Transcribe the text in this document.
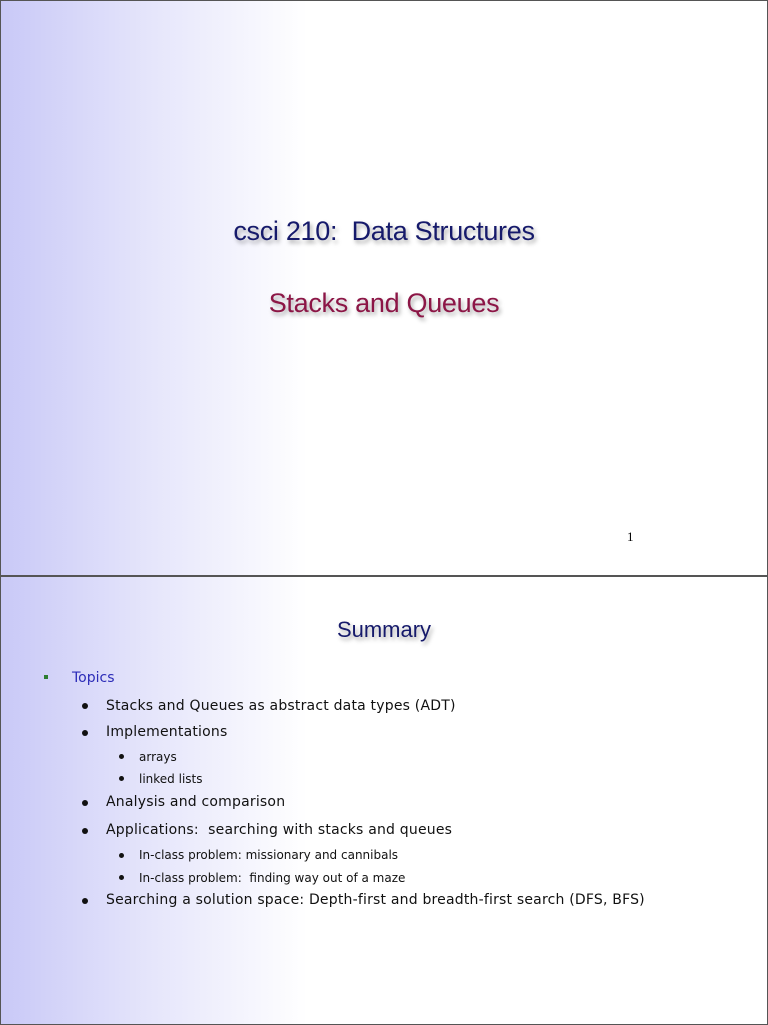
csci 210:  Data Structures
Stacks and Queues
1
Summary
Topics
Stacks and Queues as abstract data types (ADT)
Implementations
arrays
linked lists
Analysis and comparison
Applications:  searching with stacks and queues
In-class problem: missionary and cannibals
In-class problem:  finding way out of a maze
Searching a solution space: Depth-first and breadth-first search (DFS, BFS)
